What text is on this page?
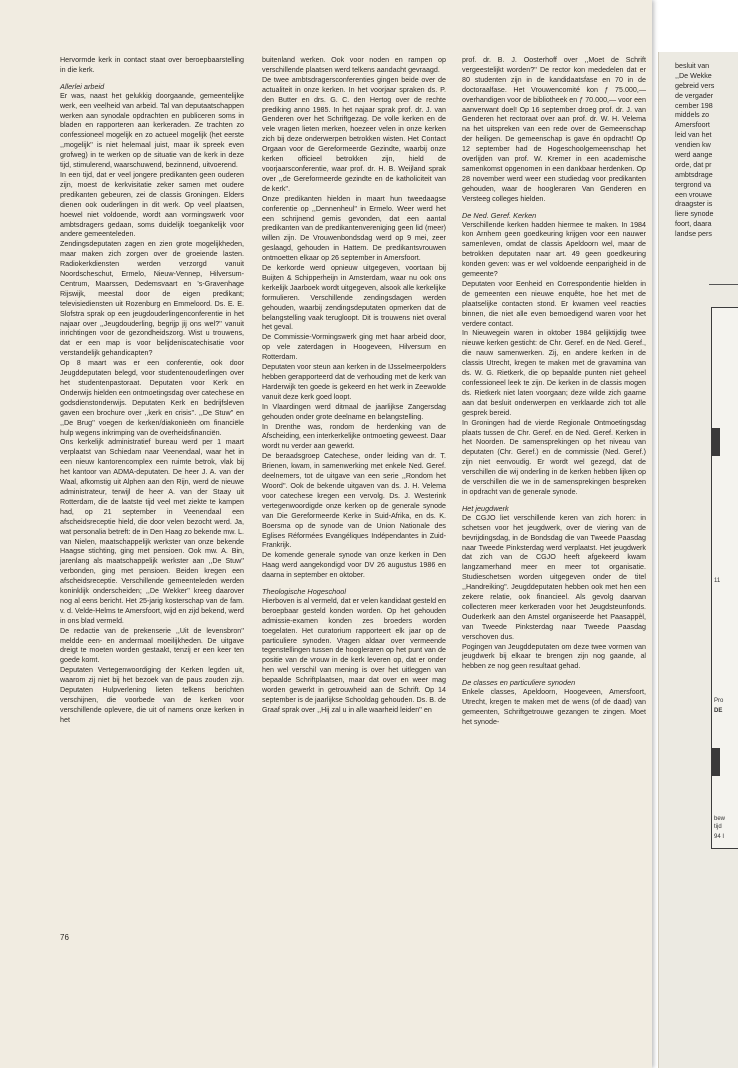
Hervormde kerk in contact staat over beroepbaarstelling in die kerk.

Allerlei arbeid

Er was, naast het gelukkig doorgaande, gemeentelijke werk, een veelheid van arbeid. Tal van deputaatschappen werken aan synodale opdrachten en publiceren soms in bladen en rapporteren aan kerkeraden. Ze trachten zo confessioneel mogelijk en zo actueel mogelijk (het eerste ,,mogelijk'' is niet helemaal juist, maar ik spreek even grofweg) in te werken op de situatie van de kerk in deze tijd, stimulerend, waarschuwend, bezinnend, uitvoerend.

In een tijd, dat er veel jongere predikanten geen ouderen zijn, moest de kerkvisitatie zeker samen met oudere predikanten gebeuren, zei de classis Groningen. Elders dienen ook ouderlingen in dit werk. Op veel plaatsen, hoewel niet voldoende, wordt aan vormingswerk voor ambtsdragers gedaan, soms duidelijk toegankelijk voor andere gemeenteleden.

Zendingsdeputaten zagen en zien grote mogelijkheden, maar maken zich zorgen over de groeiende lasten. Radiokerkdiensten werden verzorgd vanuit Noordscheschut, Ermelo, Nieuw-Vennep, Hilversum-Centrum, Maarssen, Dedemsvaart en 's-Gravenhage Rijswijk, meestal door de eigen predikant; televisiediensten uit Rozenburg en Emmeloord. Ds. E. E. Slofstra sprak op een jeugdouderlingenconferentie in het najaar over ,,Jeugdouderling, begrijp jij ons wel?'' vanuit inrichtingen voor de gezondheidszorg. Wist u trouwens, dat er een map is voor belijdeniscatechisatie voor verstandelijk gehandicapten?

Op 8 maart was er een conferentie, ook door Jeugddeputaten belegd, voor studentenouderlingen over het studentenpastoraat. Deputaten voor Kerk en Onderwijs hielden een ontmoetingsdag over catechese en godsdienstonderwijs. Deputaten Kerk en bedrijfsleven gaven een brochure over ,,kerk en crisis''. ,,De Stuw'' en ,,De Brug'' voegen de kerken/diakonieën om financiële hulp wegens inkrimping van de overheidsfinanciën.

Ons kerkelijk administratief bureau werd per 1 maart verplaatst van Schiedam naar Veenendaal, waar het in een nieuw kantorencomplex een ruimte betrok, vlak bij het kantoor van ADMA-deputaten. De heer J. A. van der Waal, afkomstig uit Alphen aan den Rijn, werd de nieuwe administrateur, terwijl de heer A. van der Staay uit Rotterdam, die de laatste tijd veel met ziekte te kampen had, op 21 september in Veenendaal een afscheidsreceptie hield, die door velen bezocht werd. Ja, wat personalia betreft: de in Den Haag zo bekende mw. L. van Nielen, maatschappelijk werkster van onze bekende Haagse stichting, ging met pensioen. Ook mw. A. Bin, jarenlang als maatschappelijk werkster aan ,,De Stuw'' verbonden, ging met pensioen. Beiden kregen een afscheidsreceptie. Verschillende gemeenteleden werden koninklijk onderscheiden; ,,De Wekker'' kreeg daarover nog al eens bericht. Het 25-jarig kosterschap van de fam. v. d. Velde-Helms te Amersfoort, wijd en zijd bekend, werd in ons blad vermeld.

De redactie van de prekenserie ,,Uit de levensbron'' meldde een- en andermaal moeilijkheden. De uitgave dreigt te moeten worden gestaakt, tenzij er een keer ten goede komt.

Deputaten Vertegenwoordiging der Kerken legden uit, waarom zij niet bij het bezoek van de paus zouden zijn. Deputaten Hulpverlening lieten telkens berichten verschijnen, die voorbede van de kerken voor verschillende oplevere, die uit of namens onze kerken in het

buitenland werken. Ook voor noden en rampen op verschillende plaatsen werd telkens aandacht gevraagd.

De twee ambtsdragersconferenties gingen beide over de actualiteit in onze kerken. In het voorjaar spraken ds. P. den Butter en drs. G. C. den Hertog over de rechte prediking anno 1985. In het najaar sprak prof. dr. J. van Genderen over het Schriftgezag. De volle kerken en de vele vragen lieten merken, hoezeer velen in onze kerken zich bij deze onderwerpen betrokken wisten. Het Contact Orgaan voor de Gereformeerde Gezindte, waarbij onze kerken officieel betrokken zijn, hield de voorjaarsconferentie, waar prof. dr. H. B. Weijland sprak over ,,de Gereformeerde gezindte en de katholiciteit van de kerk''.

Onze predikanten hielden in maart hun tweedaagse conferentie op ,,Dennenheul'' in Ermelo. Weer werd het een schrijnend gemis gevonden, dat een aantal predikanten van de predikantenvereniging geen lid (meer) willen zijn. De Vrouwenbondsdag werd op 9 mei, zeer geslaagd, gehouden in Hattem. De predikantsvrouwen ontmoetten elkaar op 26 september in Amersfoort.

De kerkorde werd opnieuw uitgegeven, voortaan bij Buijten & Schipperheijn in Amsterdam, waar nu ook ons kerkelijk Jaarboek wordt uitgegeven, alsook alle kerkelijke formulieren. Verschillende zendingsdagen werden gehouden, waarbij zendingsdeputaten opmerken dat de belangstelling vaak terugloopt. Dit is trouwens niet overal het geval.

De Commissie-Vormingswerk ging met haar arbeid door, op vele zaterdagen in Hoogeveen, Hilversum en Rotterdam.

Deputaten voor steun aan kerken in de IJsselmeerpolders hebben gerapporteerd dat de verhouding met de kerk van Harderwijk ten goede is gekeerd en het werk in Zeewolde vanuit deze kerk goed loopt.

In Vlaardingen werd ditmaal de jaarlijkse Zangersdag gehouden onder grote deelname en belangstelling.

In Drenthe was, rondom de herdenking van de Afscheiding, een interkerkelijke ontmoeting geweest. Daar wordt nu verder aan gewerkt.

De beraadsgroep Catechese, onder leiding van dr. T. Brienen, kwam, in samenwerking met enkele Ned. Geref. deelnemers, tot de uitgave van een serie ,,Rondom het Woord''. Ook de bekende uitgaven van ds. J. H. Velema voor catechese kregen een vervolg. Ds. J. Westerink vertegenwoordigde onze kerken op de generale synode van Die Gereformeerde Kerke in Suid-Afrika, en ds. K. Boersma op de synode van de Union Nationale des Eglises Réformées Evangéliques Indépendantes in Zuid-Frankrijk.

De komende generale synode van onze kerken in Den Haag werd aangekondigd voor DV 26 augustus 1986 en daarna in september en oktober.

Theologische Hogeschool

Hierboven is al vermeld, dat er velen kandidaat gesteld en beroepbaar gesteld konden worden. Op het gehouden admissie-examen konden zes broeders worden toegelaten. Het curatorium rapporteert elk jaar op de particuliere synoden. Vragen aldaar over vermeende tegenstellingen tussen de hoogleraren op het punt van de positie van de vrouw in de kerk leveren op, dat er onder hen wel verschil van mening is over het uitleggen van bepaalde Schriftplaatsen, maar dat over en weer mag worden gewerkt in getrouwheid aan de Schrift. Op 14 september is de jaarlijkse Schooldag gehouden. Ds. B. de Graaf sprak over ,,Hij zal u in alle waarheid leiden'' en

prof. dr. B. J. Oosterhoff over ,,Moet de Schrift vergeestelijkt worden?'' De rector kon mededelen dat er 80 studenten zijn in de kandidaatsfase en 70 in de doctoraalfase. Het Vrouwencomité kon ƒ 75.000,— overhandigen voor de bibliotheek en ƒ 70.000,— voor een aanverwant doel! Op 16 september droeg prof. dr. J. van Genderen het rectoraat over aan prof. dr. W. H. Velema na het uitspreken van een rede over de Gemeenschap der heiligen. De gemeenschap is gave én opdracht! Op 12 september had de Hogeschoolgemeenschap het overlijden van prof. W. Kremer in een academische samenkomst opgenomen in een dankbaar herdenken. Op 28 november werd weer een studiedag voor predikanten gehouden, waar de hoogleraren Van Genderen en Versteeg colleges hielden.

De Ned. Geref. Kerken

Verschillende kerken hadden hiermee te maken. In 1984 kon Arnhem geen goedkeuring krijgen voor een nauwer samenleven, omdat de classis Apeldoorn wel, maar de betrokken deputaten naar art. 49 geen goedkeuring konden geven: was er wel voldoende eenparigheid in de gemeente?

Deputaten voor Eenheid en Correspondentie hielden in de gemeenten een nieuwe enquête, hoe het met de plaatselijke contacten stond. Er kwamen veel reacties binnen, die niet alle even bemoedigend waren voor het verdere contact.

In Nieuwegein waren in oktober 1984 gelijktijdig twee nieuwe kerken gesticht: de Chr. Geref. en de Ned. Geref., die nauw samenwerken. Zij, en andere kerken in de classis Utrecht, kregen te maken met de gravamina van ds. W. G. Rietkerk, die op bepaalde punten niet geheel confessioneel leek te zijn. De kerken in de classis mogen ds. Rietkerk niet laten voorgaan; deze wilde zich gaarne aan dat besluit onderwerpen en verklaarde zich tot alle gesprek bereid.

In Groningen had de vierde Regionale Ontmoetingsdag plaats tussen de Chr. Geref. en de Ned. Geref. Kerken in het Noorden. De samensprekingen op het niveau van deputaten (Chr. Geref.) en de commissie (Ned. Geref.) zijn niet eenvoudig. Er wordt wel gezegd, dat de verschillen die wij onderling in de kerken hebben lijken op de verschillen die we in de samensprekingen bespreken in opdracht van de generale synode.

Het jeugdwerk

De CGJO liet verschillende keren van zich horen: in schetsen voor het jeugdwerk, over de viering van de bevrijdingsdag, in de Bondsdag die van Tweede Paasdag naar Tweede Pinksterdag werd verplaatst. Het jeugdwerk dat zich van de CGJO heeft afgekeerd kwam langzamerhand meer en meer tot organisatie. Studieschetsen worden uitgegeven onder de titel ,,Handreiking''. Jeugddeputaten hebben ook met hen een zekere relatie, ook financieel. Als gevolg daarvan collecteren meer kerkeraden voor het Jeugdsteunfonds. Ouderkerk aan den Amstel organiseerde het Paasappèl, van Tweede Pinksterdag naar Tweede Paasdag verschoven dus.

Pogingen van Jeugddeputaten om deze twee vormen van jeugdwerk bij elkaar te brengen zijn nog gaande, al hebben ze nog geen resultaat gehad.

De classes en particuliere synoden

Enkele classes, Apeldoorn, Hoogeveen, Amersfoort, Utrecht, kregen te maken met de wens (of de daad) van gemeenten, Schriftgetrouwe gezangen te zingen. Moet het synode-

76
besluit van
,,De Wekke
gebreid vers
de vergader
cember 198
middels zo
Amersfoort
leid van het
vendien kw
werd aange
orde, dat pr
ambtsdrage
tergrond va
een vrouwe
draagster is
liere synode
foort, daara
landse pers
11
Pro
DE
bew
tijd
94 I
